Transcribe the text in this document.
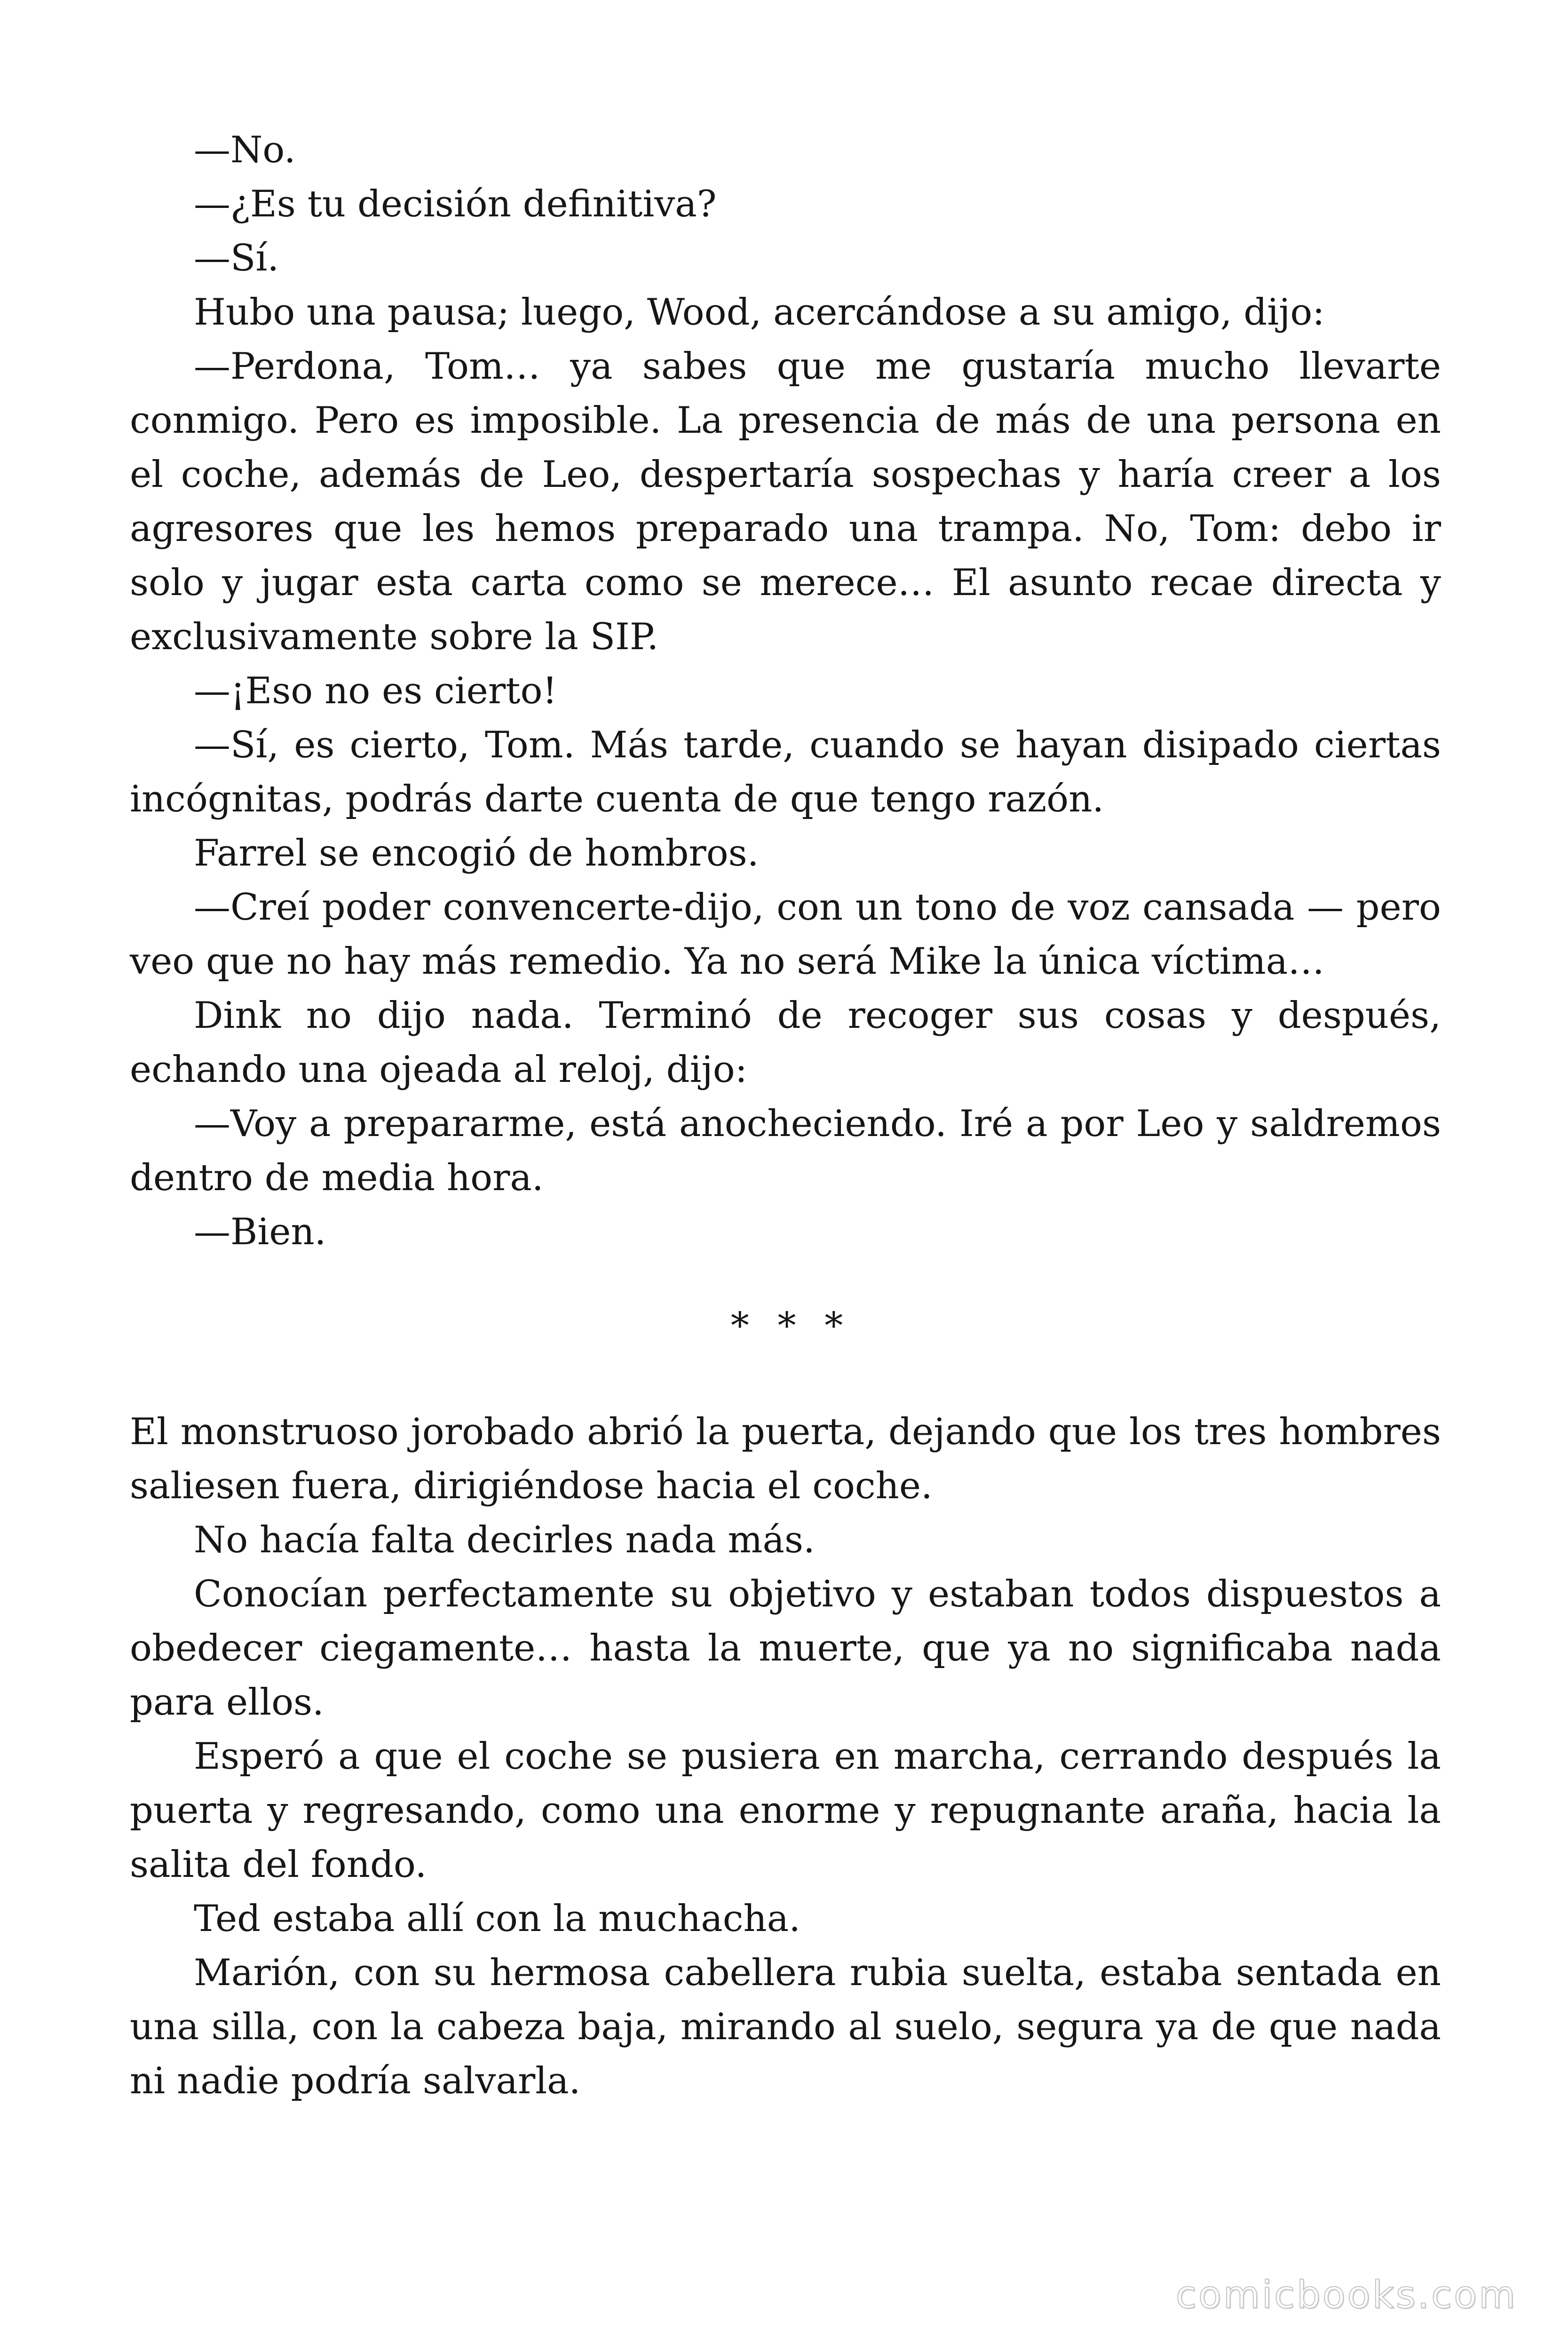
—No.

—¿Es tu decisión definitiva?

—Sí.

Hubo una pausa; luego, Wood, acercándose a su amigo, dijo:

—Perdona, Tom… ya sabes que me gustaría mucho llevarte conmigo. Pero es imposible. La presencia de más de una persona en el coche, además de Leo, despertaría sospechas y haría creer a los agresores que les hemos preparado una trampa. No, Tom: debo ir solo y jugar esta carta como se merece… El asunto recae directa y exclusivamente sobre la SIP.

—¡Eso no es cierto!

—Sí, es cierto, Tom. Más tarde, cuando se hayan disipado ciertas incógnitas, podrás darte cuenta de que tengo razón.

Farrel se encogió de hombros.

—Creí poder convencerte-dijo, con un tono de voz cansada — pero veo que no hay más remedio. Ya no será Mike la única víctima…

Dink no dijo nada. Terminó de recoger sus cosas y después, echando una ojeada al reloj, dijo:

—Voy a prepararme, está anocheciendo. Iré a por Leo y saldremos dentro de media hora.

—Bien.

* * *

El monstruoso jorobado abrió la puerta, dejando que los tres hombres saliesen fuera, dirigiéndose hacia el coche.

No hacía falta decirles nada más.

Conocían perfectamente su objetivo y estaban todos dispuestos a obedecer ciegamente… hasta la muerte, que ya no significaba nada para ellos.

Esperó a que el coche se pusiera en marcha, cerrando después la puerta y regresando, como una enorme y repugnante araña, hacia la salita del fondo.

Ted estaba allí con la muchacha.

Marión, con su hermosa cabellera rubia suelta, estaba sentada en una silla, con la cabeza baja, mirando al suelo, segura ya de que nada ni nadie podría salvarla.

comicbooks.com
